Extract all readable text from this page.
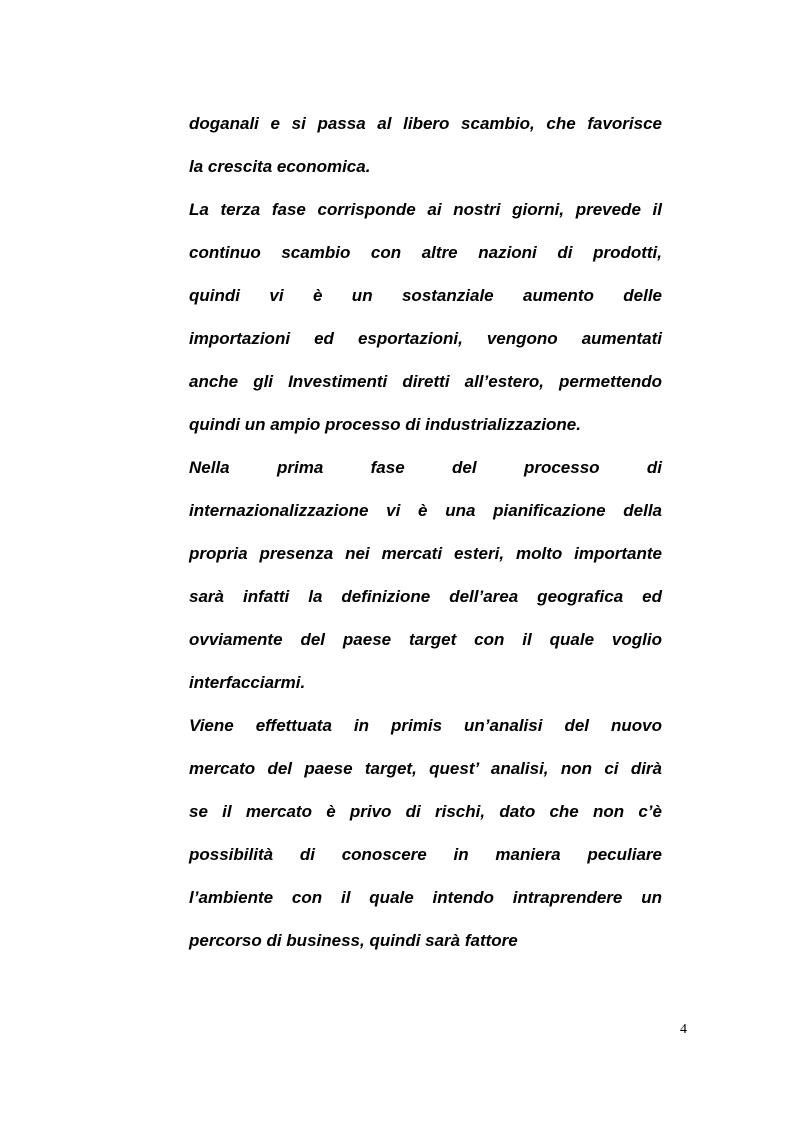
doganali e si passa al libero scambio, che favorisce
la crescita economica.
La terza fase corrisponde ai nostri giorni, prevede il
continuo scambio con altre nazioni di prodotti,
quindi vi è un sostanziale aumento delle
importazioni ed esportazioni, vengono aumentati
anche gli Investimenti diretti all’estero, permettendo
quindi un ampio processo di industrializzazione.
Nella prima fase del processo di
internazionalizzazione vi è una pianificazione della
propria presenza nei mercati esteri, molto importante
sarà infatti la definizione dell’area geografica ed
ovviamente del paese target con il quale voglio
interfacciarmi.
Viene effettuata in primis un’analisi del nuovo
mercato del paese target, quest’ analisi, non ci dirà
se il mercato è privo di rischi, dato che non c’è
possibilità di conoscere in maniera peculiare
l’ambiente con il quale intendo intraprendere un
percorso di business, quindi sarà fattore
4
